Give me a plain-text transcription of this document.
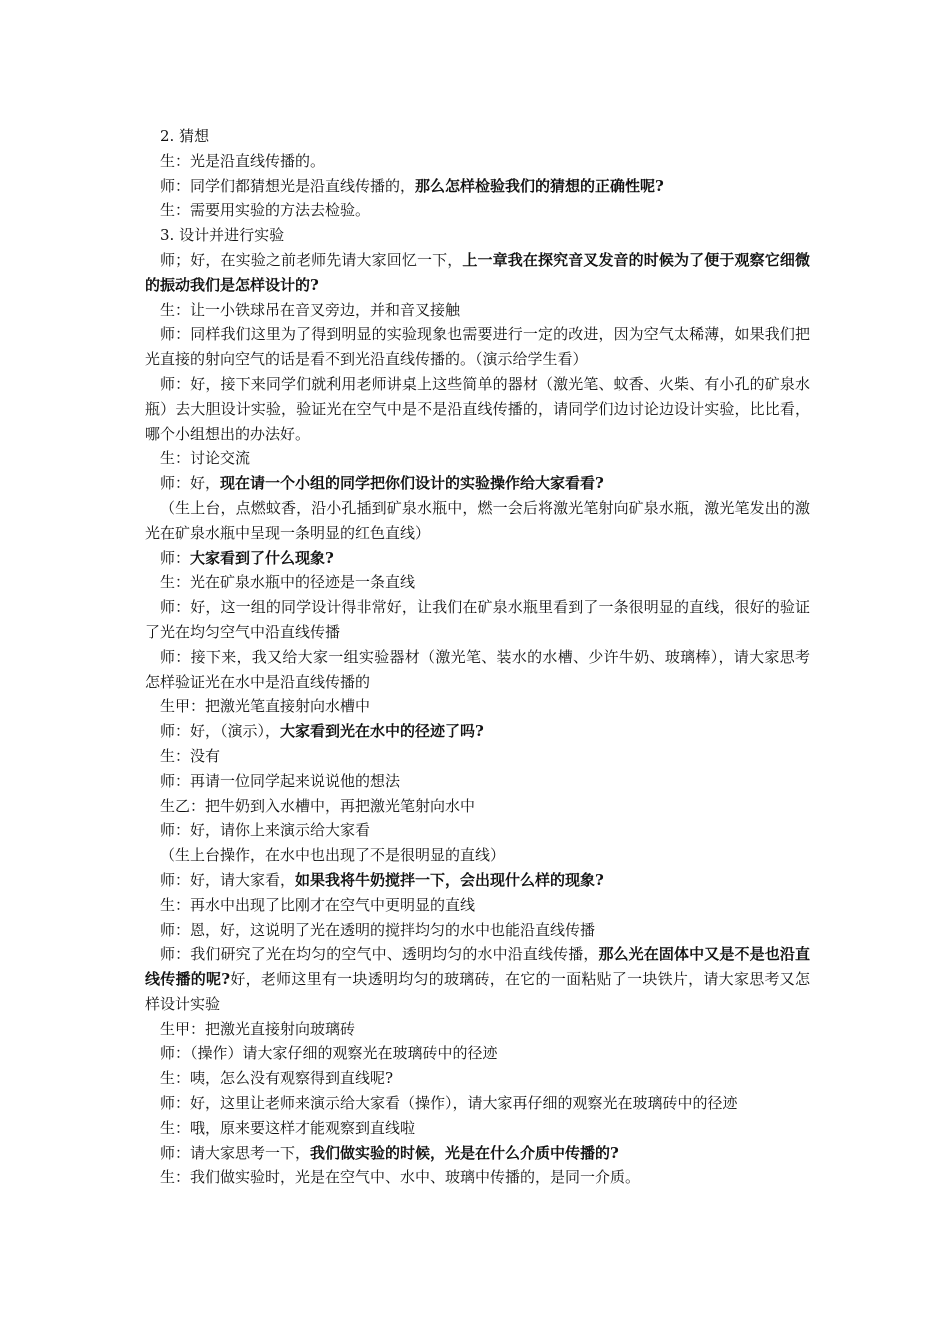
2. 猜想

生：光是沿直线传播的。

师：同学们都猜想光是沿直线传播的，那么怎样检验我们的猜想的正确性呢?

生：需要用实验的方法去检验。

3. 设计并进行实验

师；好，在实验之前老师先请大家回忆一下，上一章我在探究音叉发音的时候为了便于观察它细微的振动我们是怎样设计的?

生：让一小铁球吊在音叉旁边，并和音叉接触

师：同样我们这里为了得到明显的实验现象也需要进行一定的改进，因为空气太稀薄，如果我们把光直接的射向空气的话是看不到光沿直线传播的。（演示给学生看）

师：好，接下来同学们就利用老师讲桌上这些简单的器材（激光笔、蚊香、火柴、有小孔的矿泉水瓶）去大胆设计实验，验证光在空气中是不是沿直线传播的，请同学们边讨论边设计实验，比比看，哪个小组想出的办法好。

生：讨论交流

师：好，现在请一个小组的同学把你们设计的实验操作给大家看看?

（生上台，点燃蚊香，沿小孔插到矿泉水瓶中，燃一会后将激光笔射向矿泉水瓶，激光笔发出的激光在矿泉水瓶中呈现一条明显的红色直线）

师：大家看到了什么现象?

生：光在矿泉水瓶中的径迹是一条直线

师：好，这一组的同学设计得非常好，让我们在矿泉水瓶里看到了一条很明显的直线，很好的验证了光在均匀空气中沿直线传播

师：接下来，我又给大家一组实验器材（激光笔、装水的水槽、少许牛奶、玻璃棒），请大家思考怎样验证光在水中是沿直线传播的

生甲：把激光笔直接射向水槽中

师：好，（演示），大家看到光在水中的径迹了吗?

生：没有

师：再请一位同学起来说说他的想法

生乙：把牛奶到入水槽中，再把激光笔射向水中

师：好，请你上来演示给大家看

（生上台操作，在水中也出现了不是很明显的直线）

师：好，请大家看，如果我将牛奶搅拌一下，会出现什么样的现象?

生：再水中出现了比刚才在空气中更明显的直线

师：恩，好，这说明了光在透明的搅拌均匀的水中也能沿直线传播

师：我们研究了光在均匀的空气中、透明均匀的水中沿直线传播，那么光在固体中又是不是也沿直线传播的呢?好，老师这里有一块透明均匀的玻璃砖，在它的一面粘贴了一块铁片，请大家思考又怎样设计实验

生甲：把激光直接射向玻璃砖

师：（操作）请大家仔细的观察光在玻璃砖中的径迹

生：咦，怎么没有观察得到直线呢?

师：好，这里让老师来演示给大家看（操作），请大家再仔细的观察光在玻璃砖中的径迹

生：哦，原来要这样才能观察到直线啦

师：请大家思考一下，我们做实验的时候，光是在什么介质中传播的?

生：我们做实验时，光是在空气中、水中、玻璃中传播的，是同一介质。
